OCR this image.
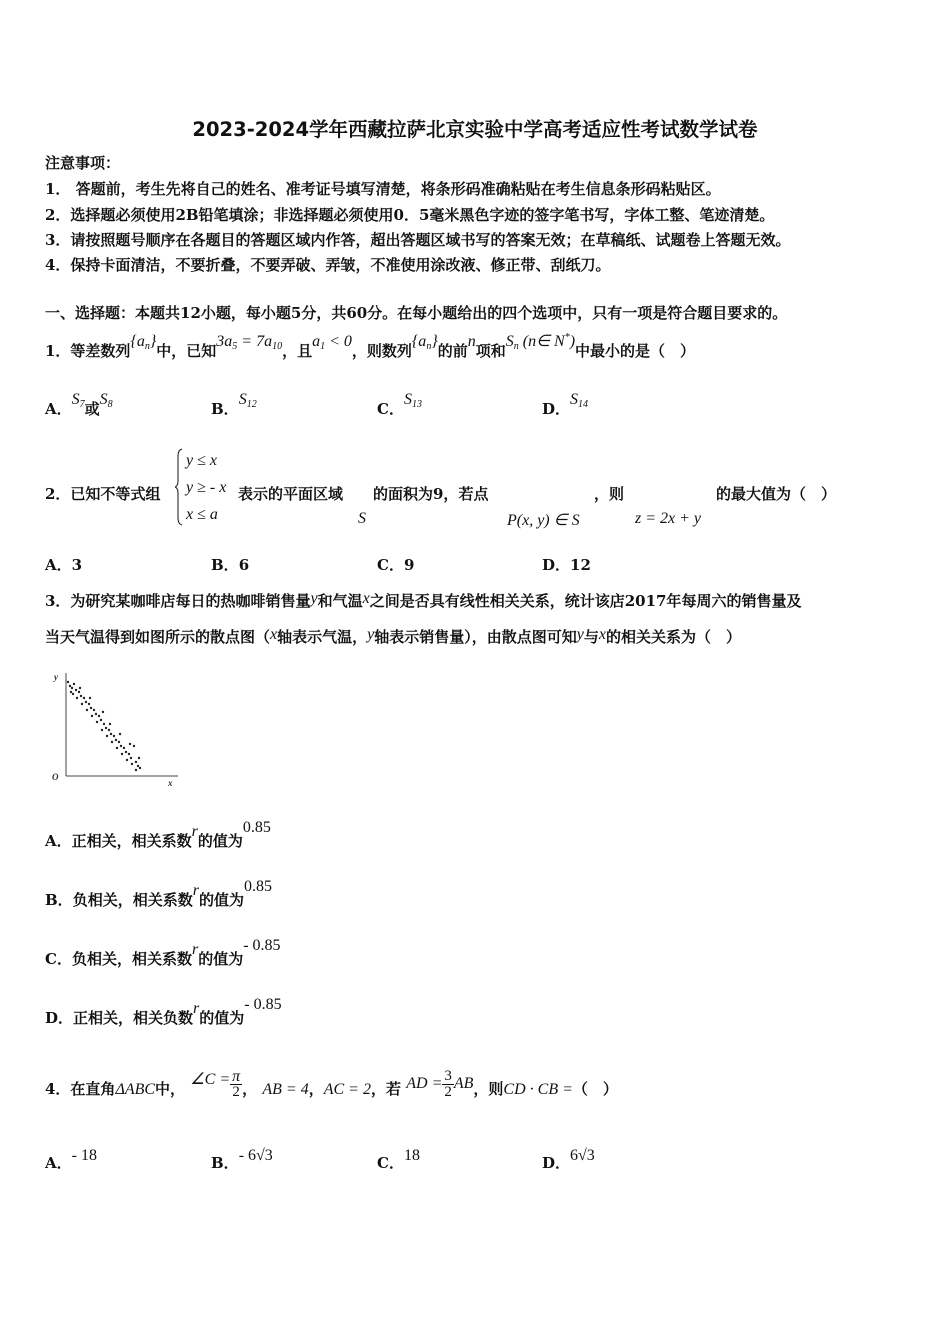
2023-2024学年西藏拉萨北京实验中学高考适应性考试数学试卷
注意事项：
1． 答题前，考生先将自己的姓名、准考证号填写清楚，将条形码准确粘贴在考生信息条形码粘贴区。
2．选择题必须使用2B铅笔填涂；非选择题必须使用0．5毫米黑色字迹的签字笔书写，字体工整、笔迹清楚。
3．请按照题号顺序在各题目的答题区域内作答，超出答题区域书写的答案无效；在草稿纸、试题卷上答题无效。
4．保持卡面清洁，不要折叠，不要弄破、弄皱，不准使用涂改液、修正带、刮纸刀。
一、选择题：本题共12小题，每小题5分，共60分。在每小题给出的四个选项中，只有一项是符合题目要求的。
1．等差数列$\{a_n\}$中，已知$3a_5 = 7a_{10}$，且$a_1 < 0$，则数列$\{a_n\}$的前n项和$S_n$ (n∈ N*)中最小的是（　）
A．$S_7$或$S_8$	B．$S_{12}$	C．$S_{13}$	D．$S_{14}$
2．已知不等式组
y ≤ x
y ≥ - x
x ≤ a
表示的平面区域
S
的面积为9，若点
P(x, y) ∈ S
，则
z = 2x + y
的最大值为（　）
A．3	B．6	C．9	D．12
3．为研究某咖啡店每日的热咖啡销售量y和气温x之间是否具有线性相关关系，统计该店2017年每周六的销售量及
当天气温得到如图所示的散点图（x轴表示气温，y轴表示销售量），由散点图可知y与x的相关关系为（　）
y
O
x
A．正相关，相关系数r的值为0.85
B．负相关，相关系数r的值为0.85
C．负相关，相关系数r的值为- 0.85
D．正相关，相关负数r的值为- 0.85
4．在直角ΔABC中， ∠C = $\frac{\pi}{2}$ ， AB = 4，AC = 2，若 AD = $\frac{3}{2}$ AB，则CD · CB =（　）
A．- 18	B．- 6√3	C．18	D．6√3
